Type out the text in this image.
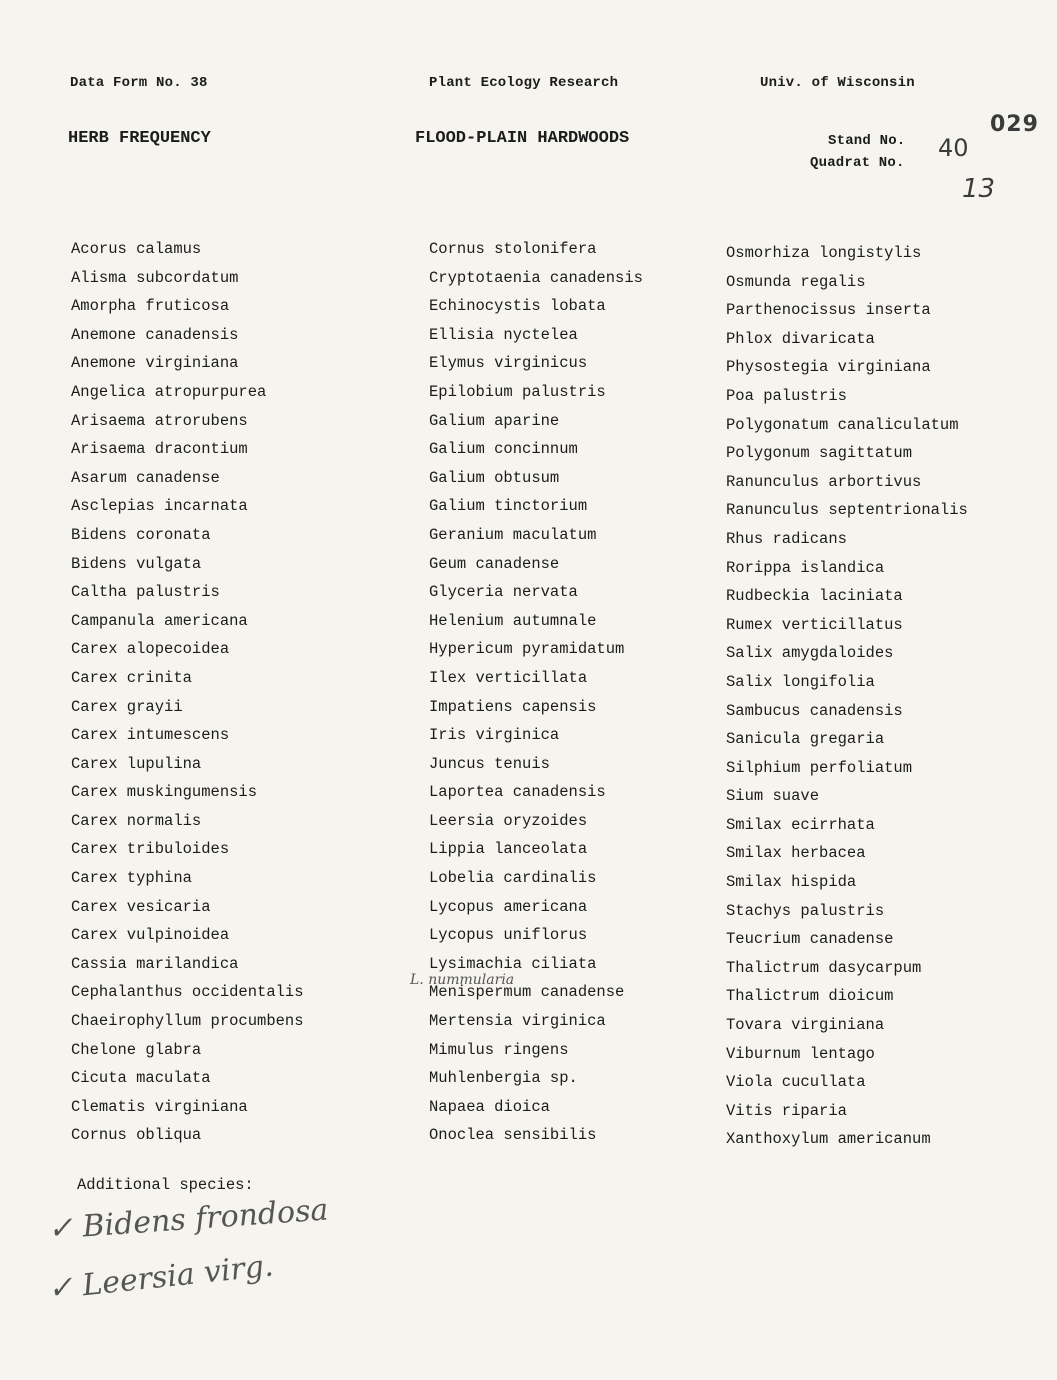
Data Form No. 38	Plant Ecology Research	Univ. of Wisconsin
HERB FREQUENCY	FLOOD-PLAIN HARDWOODS	Stand No.
Quadrat No.
40
029
13
Acorus calamus
Alisma subcordatum
Amorpha fruticosa
Anemone canadensis
Anemone virginiana
Angelica atropurpurea
Arisaema atrorubens
Arisaema dracontium
Asarum canadense
Asclepias incarnata
Bidens coronata
Bidens vulgata
Caltha palustris
Campanula americana
Carex alopecoidea
Carex crinita
Carex grayii
Carex intumescens
Carex lupulina
Carex muskingumensis
Carex normalis
Carex tribuloides
Carex typhina
Carex vesicaria
Carex vulpinoidea
Cassia marilandica
Cephalanthus occidentalis
Chaeirophyllum procumbens
Chelone glabra
Cicuta maculata
Clematis virginiana
Cornus obliqua
Cornus stolonifera
Cryptotaenia canadensis
Echinocystis lobata
Ellisia nyctelea
Elymus virginicus
Epilobium palustris
Galium aparine
Galium concinnum
Galium obtusum
Galium tinctorium
Geranium maculatum
Geum canadense
Glyceria nervata
Helenium autumnale
Hypericum pyramidatum
Ilex verticillata
Impatiens capensis
Iris virginica
Juncus tenuis
Laportea canadensis
Leersia oryzoides
Lippia lanceolata
Lobelia cardinalis
Lycopus americana
Lycopus uniflorus
Lysimachia ciliata
Menispermum canadense
Mertensia virginica
Mimulus ringens
Muhlenbergia sp.
Napaea dioica
Onoclea sensibilis
Osmorhiza longistylis
Osmunda regalis
Parthenocissus inserta
Phlox divaricata
Physostegia virginiana
Poa palustris
Polygonatum canaliculatum
Polygonum sagittatum
Ranunculus arbortivus
Ranunculus septentrionalis
Rhus radicans
Rorippa islandica
Rudbeckia laciniata
Rumex verticillatus
Salix amygdaloides
Salix longifolia
Sambucus canadensis
Sanicula gregaria
Silphium perfoliatum
Sium suave
Smilax ecirrhata
Smilax herbacea
Smilax hispida
Stachys palustris
Teucrium canadense
Thalictrum dasycarpum
Thalictrum dioicum
Tovara virginiana
Viburnum lentago
Viola cucullata
Vitis riparia
Xanthoxylum americanum
L. nummularia
Additional species:
✓ Bidens frondosa
✓ Leersia virg.
